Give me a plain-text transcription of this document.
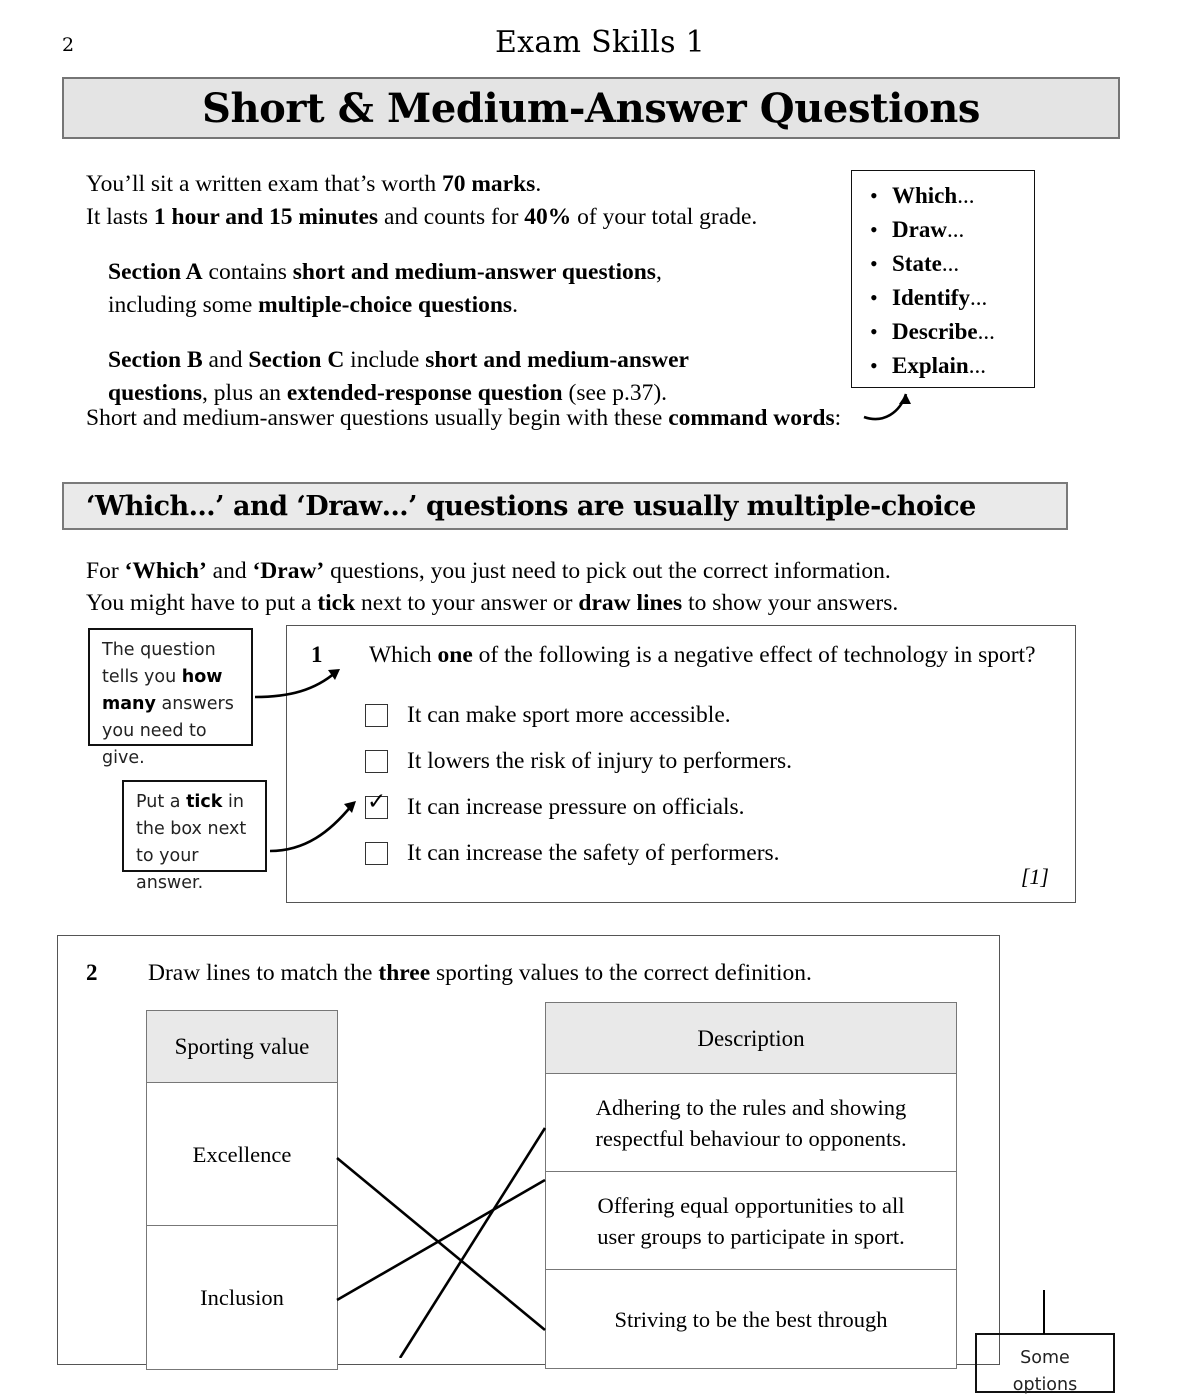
2	Exam Skills 1
Short & Medium-Answer Questions

You’ll sit a written exam that’s worth 70 marks.

It lasts 1 hour and 15 minutes and counts for 40% of your total grade.

Section A contains short and medium-answer questions,

including some multiple-choice questions.

Section B and Section C include short and medium-answer

questions, plus an extended-response question (see p.37).

Short and medium-answer questions usually begin with these command words:
• Which...
• Draw...
• State...
• Identify...
• Describe...
• Explain...
‘Which…’ and ‘Draw…’ questions are usually multiple-choice

For ‘Which’ and ‘Draw’ questions, you just need to pick out the correct information.

You might have to put a tick next to your answer or draw lines to show your answers.

1 Which one of the following is a negative effect of technology in sport?
It can make sport more accessible.
It lowers the risk of injury to performers.
✓
It can increase pressure on officials.
It can increase the safety of performers.
[1]
The question
tells you how
many answers
you need to give.
Put a tick in
the box next
to your answer.
2 Draw lines to match the three sporting values to the correct definition.
Sporting value
Excellence
Inclusion
Description
Adhering to the rules and showing
respectful behaviour to opponents.
Offering equal opportunities to all
user groups to participate in sport.
Striving to be the best through
Some options
